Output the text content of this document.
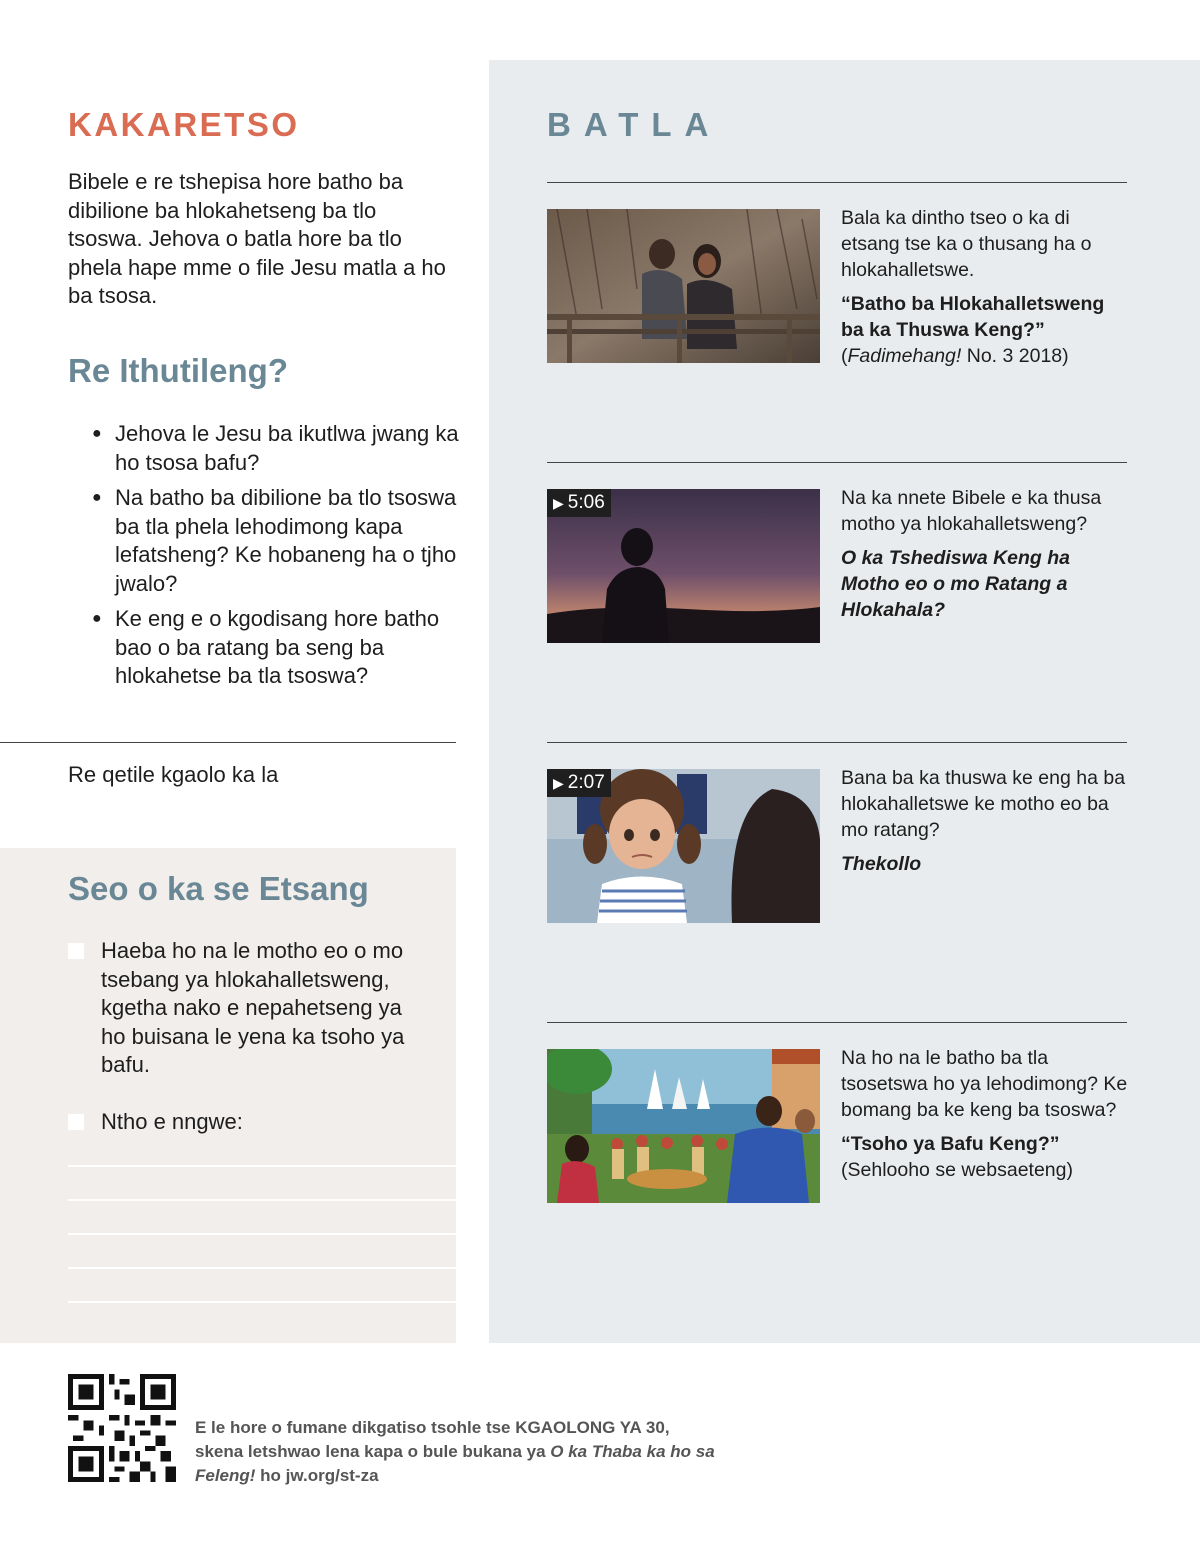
KAKARETSO

Bibele e re tshepisa hore batho ba dibilione ba hlokahetseng ba tlo tsoswa. Jehova o batla hore ba tlo phela hape mme o file Jesu matla a ho ba tsosa.

Re Ithutileng?
● Jehova le Jesu ba ikutlwa jwang ka ho tsosa bafu?
● Na batho ba dibilione ba tlo tsoswa ba tla phela lehodimong kapa lefatsheng? Ke hobaneng ha o tjho jwalo?
● Ke eng e o kgodisang hore batho bao o ba ratang ba seng ba hlokahetse ba tla tsoswa?

Re qetile kgaolo ka la

Seo o ka se Etsang
Haeba ho na le motho eo o mo tsebang ya hlokahalletsweng, kgetha nako e nepahetseng ya ho buisana le yena ka tsoho ya bafu.
Ntho e nngwe:
BATLA
Bala ka dintho tseo o ka di etsang tse ka o thusang ha o hlokahalletswe.
“Batho ba Hlokahalletsweng ba ka Thuswa Keng?” (Fadimehang! No. 3 2018)
▶ 5:06	Na ka nnete Bibele e ka thusa motho ya hlokahalletsweng?
O ka Tshediswa Keng ha Motho eo o mo Ratang a Hlokahala?
▶ 2:07	Bana ba ka thuswa ke eng ha ba hlokahalletswe ke motho eo ba mo ratang?
Thekollo
Na ho na le batho ba tla tsosetswa ho ya lehodimong? Ke bomang ba ke keng ba tsoswa?
“Tsoho ya Bafu Keng?”
(Sehlooho se websaeteng)

E le hore o fumane dikgatiso tsohle tse KGAOLONG YA 30, skena letshwao lena kapa o bule bukana ya O ka Thaba ka ho sa Feleng! ho jw.org/st-za
